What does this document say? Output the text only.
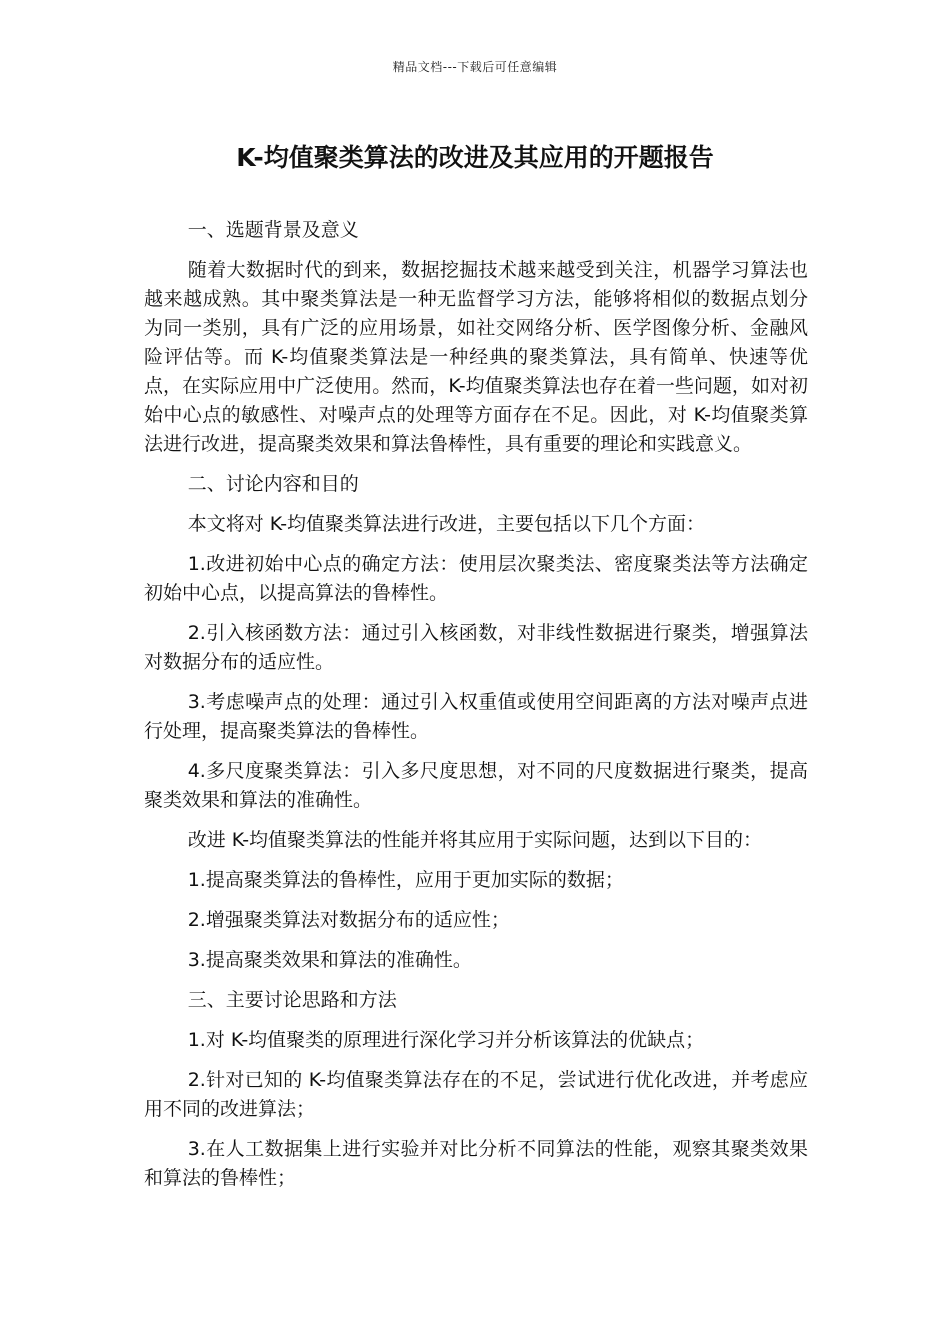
精品文档---下载后可任意编辑
K-均值聚类算法的改进及其应用的开题报告

一、选题背景及意义

随着大数据时代的到来，数据挖掘技术越来越受到关注，机器学习算法也越来越成熟。其中聚类算法是一种无监督学习方法，能够将相似的数据点划分为同一类别，具有广泛的应用场景，如社交网络分析、医学图像分析、金融风险评估等。而 K-均值聚类算法是一种经典的聚类算法，具有简单、快速等优点，在实际应用中广泛使用。然而，K-均值聚类算法也存在着一些问题，如对初始中心点的敏感性、对噪声点的处理等方面存在不足。因此，对 K-均值聚类算法进行改进，提高聚类效果和算法鲁棒性，具有重要的理论和实践意义。

二、讨论内容和目的

本文将对 K-均值聚类算法进行改进，主要包括以下几个方面：

1.改进初始中心点的确定方法：使用层次聚类法、密度聚类法等方法确定初始中心点，以提高算法的鲁棒性。

2.引入核函数方法：通过引入核函数，对非线性数据进行聚类，增强算法对数据分布的适应性。

3.考虑噪声点的处理：通过引入权重值或使用空间距离的方法对噪声点进行处理，提高聚类算法的鲁棒性。

4.多尺度聚类算法：引入多尺度思想，对不同的尺度数据进行聚类，提高聚类效果和算法的准确性。

改进 K-均值聚类算法的性能并将其应用于实际问题，达到以下目的：

1.提高聚类算法的鲁棒性，应用于更加实际的数据；

2.增强聚类算法对数据分布的适应性；

3.提高聚类效果和算法的准确性。

三、主要讨论思路和方法

1.对 K-均值聚类的原理进行深化学习并分析该算法的优缺点；

2.针对已知的 K-均值聚类算法存在的不足，尝试进行优化改进，并考虑应用不同的改进算法；

3.在人工数据集上进行实验并对比分析不同算法的性能，观察其聚类效果和算法的鲁棒性；
